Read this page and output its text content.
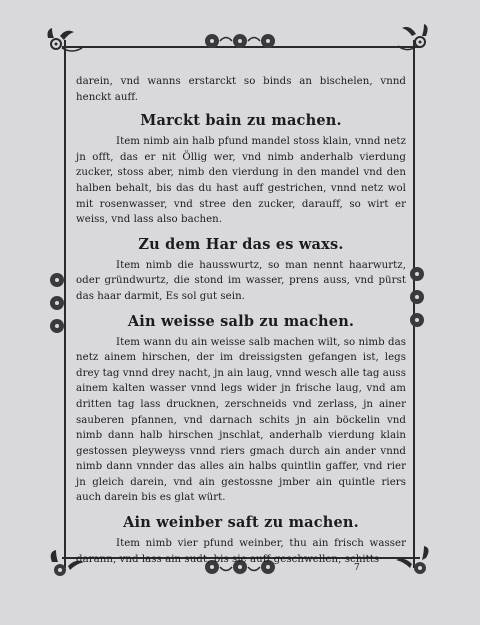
darein, vnd wanns erstarckt so binds an bischelen, vnnd henckt auff.

Marckt bain zu machen.

Item nimb ain halb pfund mandel stoss klain, vnnd netz jn offt, das er nit Öllig wer, vnd nimb anderhalb vierdung zucker, stoss aber, nimb den vierdung in den mandel vnd den halben behalt, bis das du hast auff gestrichen, vnnd netz wol mit rosenwasser, vnd stree den zucker, darauff, so wirt er weiss, vnd lass also bachen.

Zu dem Har das es waxs.

Item nimb die hausswurtz, so man nennt haarwurtz, oder gründwurtz, die stond im wasser, prens auss, vnd pürst das haar darmit, Es sol gut sein.

Ain weisse salb zu machen.

Item wann du ain weisse salb machen wilt, so nimb das netz ainem hirschen, der im dreissigsten gefangen ist, legs drey tag vnnd drey nacht, jn ain laug, vnnd wesch alle tag auss ainem kalten wasser vnnd legs wider jn frische laug, vnd am dritten tag lass drucknen, zerschneids vnd zerlass, jn ainer sauberen pfannen, vnd darnach schits jn ain böckelin vnd nimb dann halb hirschen jnschlat, anderhalb vierdung klain gestossen pleyweyss vnnd riers gmach durch ain ander vnnd nimb dann vnnder das alles ain halbs quintlin gaffer, vnd rier jn gleich darein, vnd ain gestossne jmber ain quintle riers auch darein bis es glat würt.

Ain weinber saft zu machen.

Item nimb vier pfund weinber, thu ain frisch wasser darann, vnd lass ain sudt, bis sie auff geschwellen, schitts

7
